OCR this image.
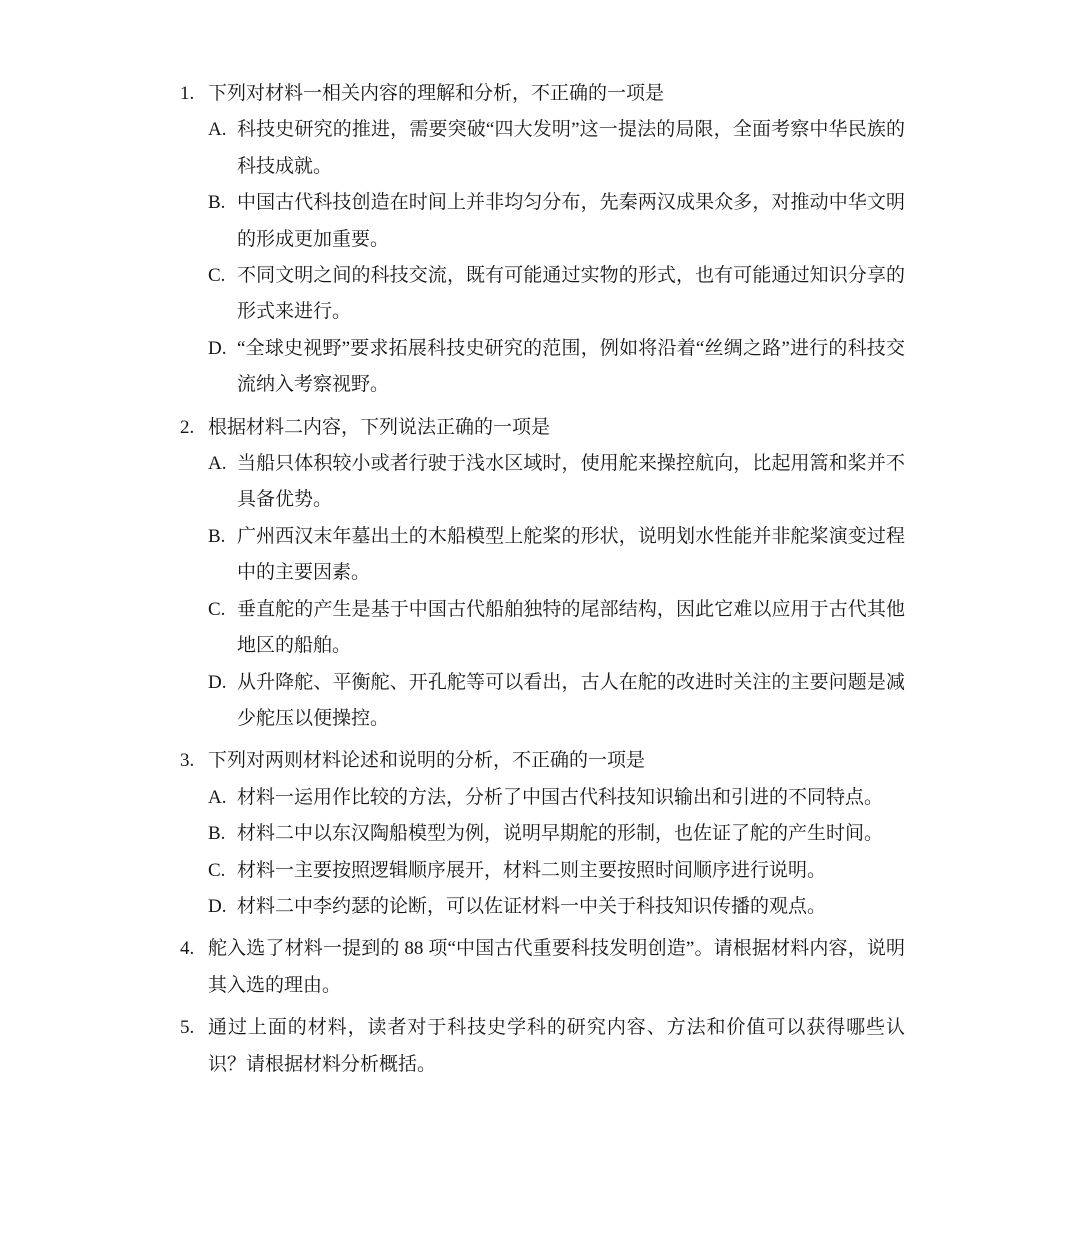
1. 下列对材料一相关内容的理解和分析，不正确的一项是
A. 科技史研究的推进，需要突破“四大发明”这一提法的局限，全面考察中华民族的科技成就。
B. 中国古代科技创造在时间上并非均匀分布，先秦两汉成果众多，对推动中华文明的形成更加重要。
C. 不同文明之间的科技交流，既有可能通过实物的形式，也有可能通过知识分享的形式来进行。
D. “全球史视野”要求拓展科技史研究的范围，例如将沿着“丝绸之路”进行的科技交流纳入考察视野。
2. 根据材料二内容，下列说法正确的一项是
A. 当船只体积较小或者行驶于浅水区域时，使用舵来操控航向，比起用篙和桨并不具备优势。
B. 广州西汉末年墓出土的木船模型上舵桨的形状，说明划水性能并非舵桨演变过程中的主要因素。
C. 垂直舵的产生是基于中国古代船舶独特的尾部结构，因此它难以应用于古代其他地区的船舶。
D. 从升降舵、平衡舵、开孔舵等可以看出，古人在舵的改进时关注的主要问题是减少舵压以便操控。
3. 下列对两则材料论述和说明的分析，不正确的一项是
A. 材料一运用作比较的方法，分析了中国古代科技知识输出和引进的不同特点。
B. 材料二中以东汉陶船模型为例，说明早期舵的形制，也佐证了舵的产生时间。
C. 材料一主要按照逻辑顺序展开，材料二则主要按照时间顺序进行说明。
D. 材料二中李约瑟的论断，可以佐证材料一中关于科技知识传播的观点。
4. 舵入选了材料一提到的 88 项“中国古代重要科技发明创造”。请根据材料内容，说明其入选的理由。
5. 通过上面的材料，读者对于科技史学科的研究内容、方法和价值可以获得哪些认识？请根据材料分析概括。
